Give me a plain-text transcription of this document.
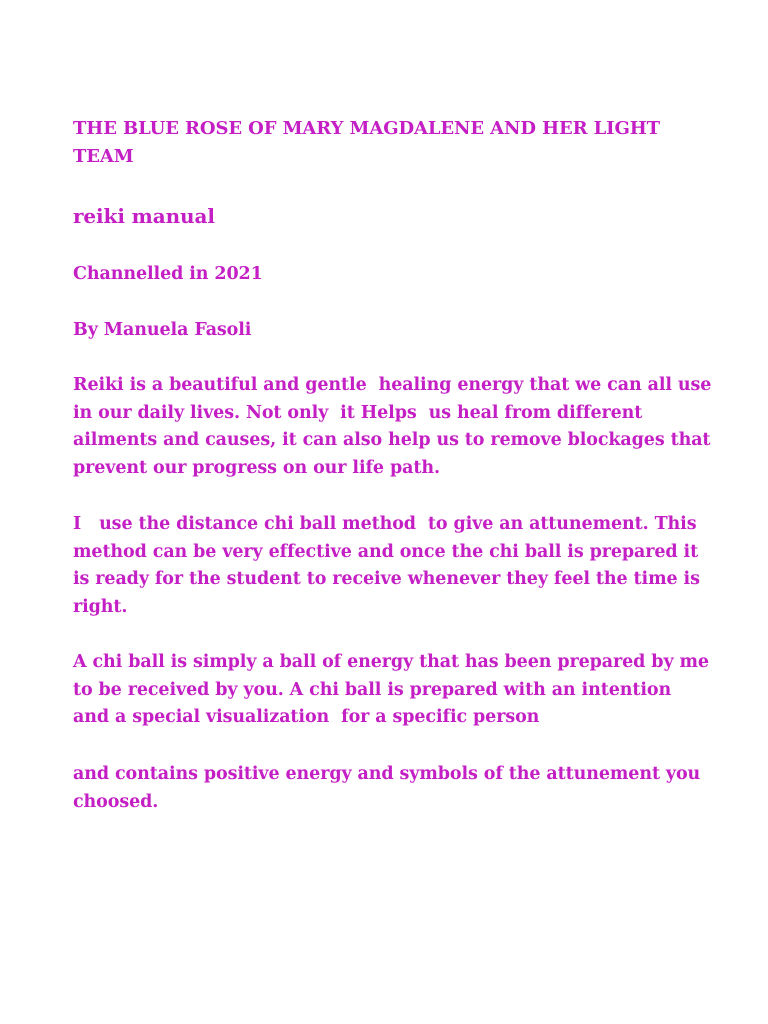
THE BLUE ROSE OF MARY MAGDALENE AND HER LIGHT TEAM
reiki manual

Channelled in 2021

By Manuela Fasoli

Reiki is a beautiful and gentle  healing energy that we can all use in our daily lives. Not only  it Helps  us heal from different ailments and causes, it can also help us to remove blockages that prevent our progress on our life path.

I   use the distance chi ball method  to give an attunement. This method can be very effective and once the chi ball is prepared it is ready for the student to receive whenever they feel the time is right.

A chi ball is simply a ball of energy that has been prepared by me to be received by you. A chi ball is prepared with an intention and a special visualization  for a specific person

and contains positive energy and symbols of the attunement you choosed.
